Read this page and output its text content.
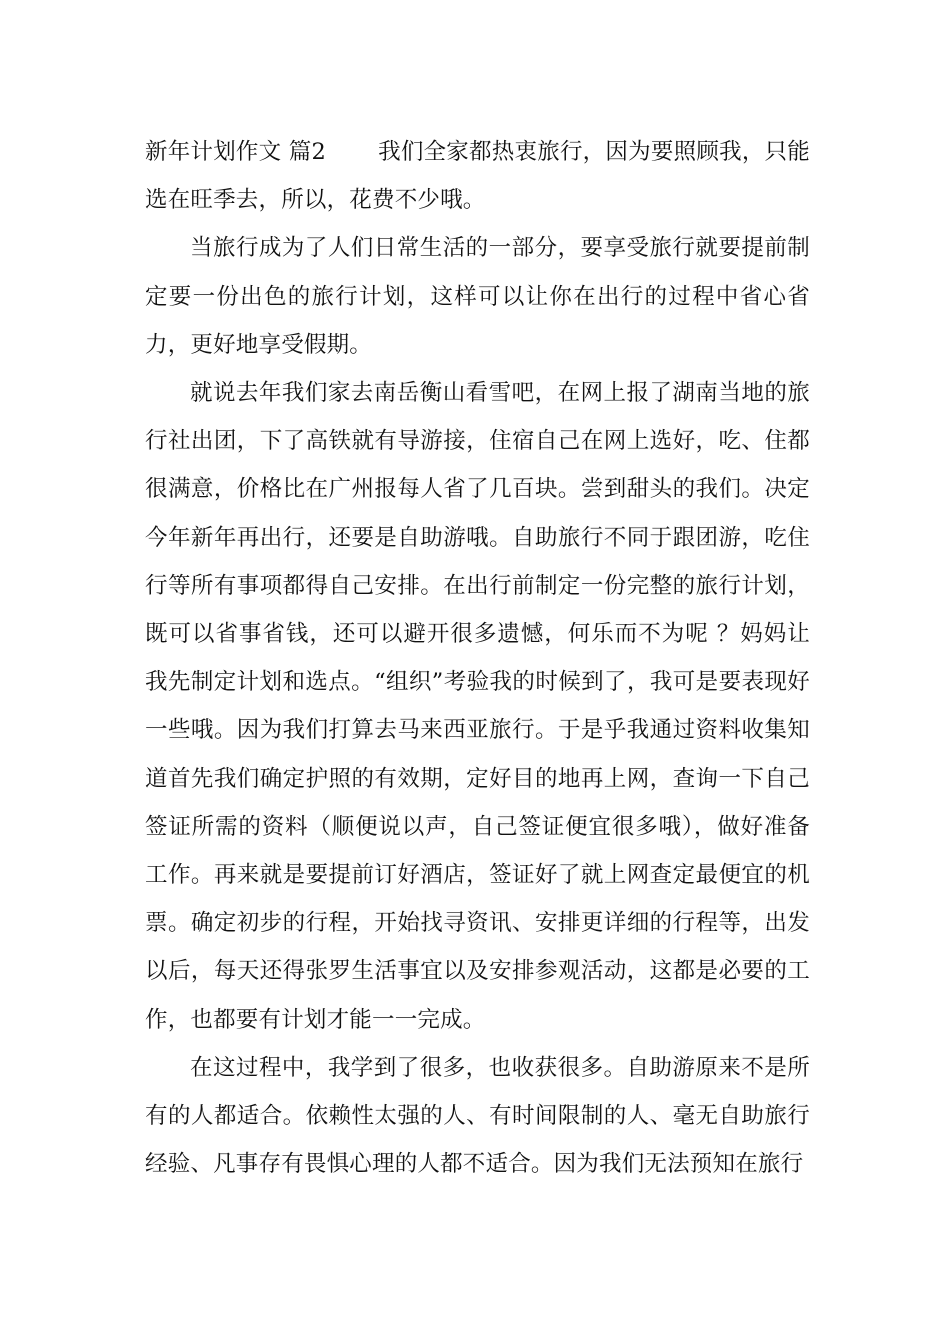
新年计划作文 篇2 我们全家都热衷旅行，因为要照顾我，只能选在旺季去，所以，花费不少哦。

当旅行成为了人们日常生活的一部分，要享受旅行就要提前制定要一份出色的旅行计划，这样可以让你在出行的过程中省心省力，更好地享受假期。

就说去年我们家去南岳衡山看雪吧，在网上报了湖南当地的旅行社出团，下了高铁就有导游接，住宿自己在网上选好，吃、住都很满意，价格比在广州报每人省了几百块。尝到甜头的我们。决定今年新年再出行，还要是自助游哦。自助旅行不同于跟团游，吃住行等所有事项都得自己安排。在出行前制定一份完整的旅行计划，既可以省事省钱，还可以避开很多遗憾，何乐而不为呢 ？妈妈让我先制定计划和选点。“组织”考验我的时候到了，我可是要表现好一些哦。因为我们打算去马来西亚旅行。于是乎我通过资料收集知道首先我们确定护照的有效期，定好目的地再上网，查询一下自己签证所需的资料（顺便说以声，自己签证便宜很多哦），做好准备工作。再来就是要提前订好酒店，签证好了就上网查定最便宜的机票。确定初步的行程，开始找寻资讯、安排更详细的行程等，出发以后，每天还得张罗生活事宜以及安排参观活动，这都是必要的工作，也都要有计划才能一一完成。

在这过程中，我学到了很多，也收获很多。自助游原来不是所有的人都适合。依赖性太强的人、有时间限制的人、毫无自助旅行经验、凡事存有畏惧心理的人都不适合。因为我们无法预知在旅行
